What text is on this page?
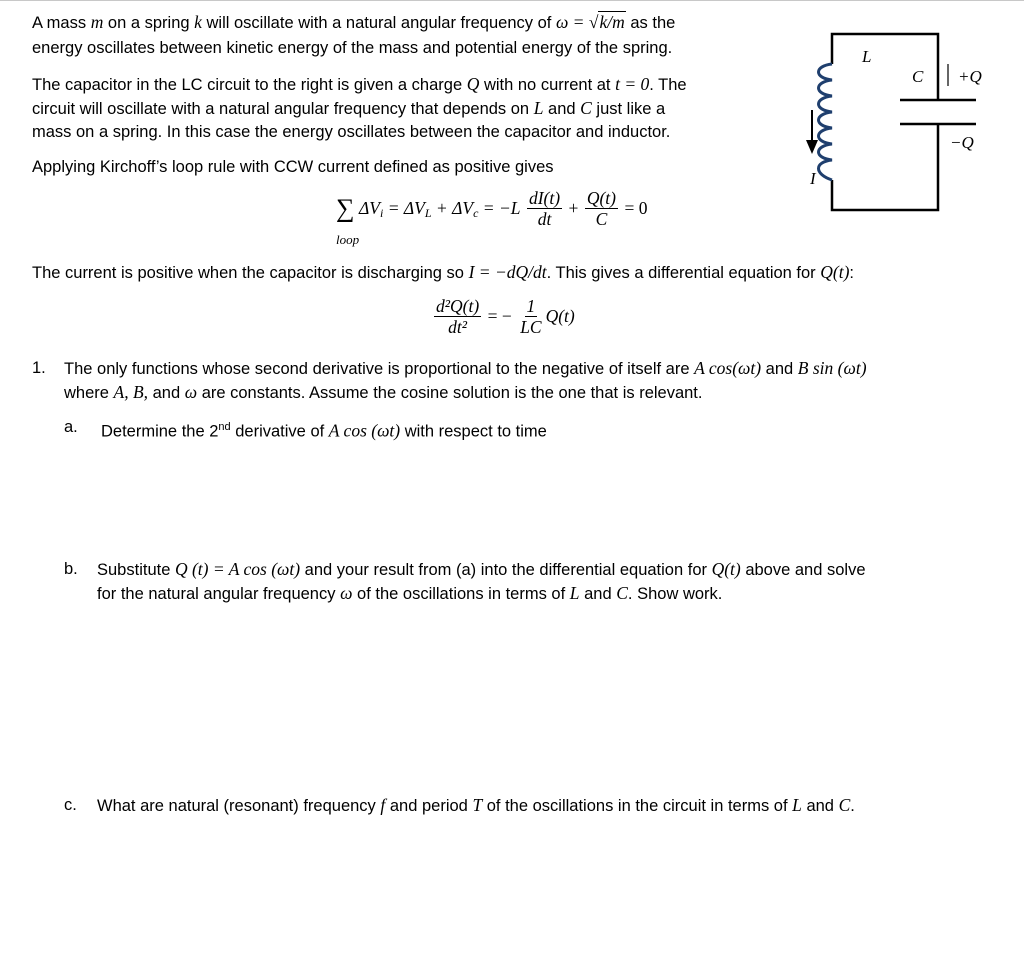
A mass m on a spring k will oscillate with a natural angular frequency of ω = √k/m as the
energy oscillates between kinetic energy of the mass and potential energy of the spring.
The capacitor in the LC circuit to the right is given a charge Q with no current at t = 0. The
circuit will oscillate with a natural angular frequency that depends on L and C just like a
mass on a spring. In this case the energy oscillates between the capacitor and inductor.
Applying Kirchoff’s loop rule with CCW current defined as positive gives
∑ $\Delta V_i = \Delta V_L + \Delta V_c = -L \frac{dI(t)}{dt} + \frac{Q(t)}{C} = 0$
loop
The current is positive when the capacitor is discharging so I = −dQ/dt. This gives a differential equation for Q(t):
$\frac{\text{d²Q(t)}}{\text{dt²}}$ = − $\frac{1}{LC} Q(t)$
1. The only functions whose second derivative is proportional to the negative of itself are A cos(ωt) and B sin (ωt)
where A, B, and ω are constants. Assume the cosine solution is the one that is relevant.
a. Determine the 2nd derivative of A cos (ωt) with respect to time
b. Substitute Q (t) = A cos (ωt) and your result from (a) into the differential equation for Q(t) above and solve
for the natural angular frequency ω of the oscillations in terms of L and C. Show work.
c. What are natural (resonant) frequency f and period T of the oscillations in the circuit in terms of L and C.
L
C +Q
−Q
I
